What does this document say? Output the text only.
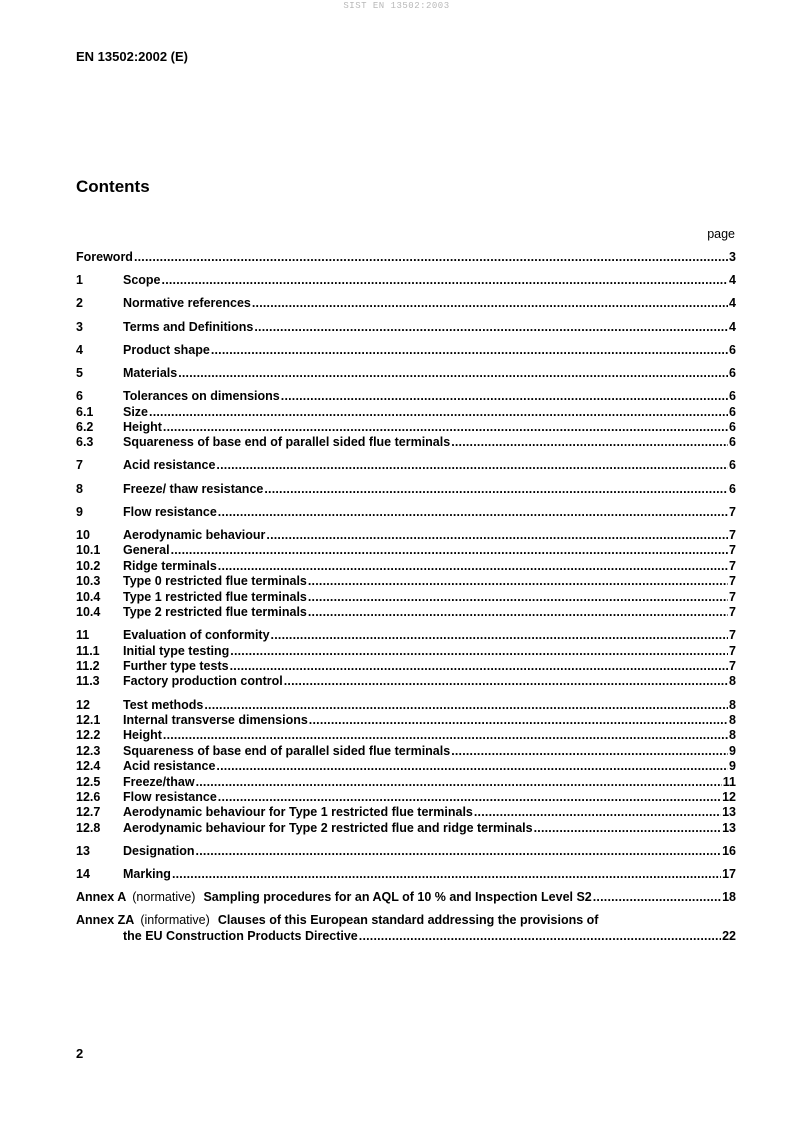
SIST EN 13502:2003
EN 13502:2002 (E)
Contents
page
Foreword .....	3
1	Scope .....	4
2	Normative references .....	4
3	Terms and Definitions .....	4
4	Product shape .....	6
5	Materials .....	6
6	Tolerances on dimensions .....	6
6.1	Size .....	6
6.2	Height .....	6
6.3	Squareness of base end of parallel sided flue terminals .....	6
7	Acid resistance .....	6
8	Freeze/ thaw resistance .....	6
9	Flow resistance .....	7
10	Aerodynamic behaviour .....	7
10.1	General .....	7
10.2	Ridge terminals .....	7
10.3	Type 0 restricted flue terminals .....	7
10.4	Type 1 restricted flue terminals .....	7
10.4	Type 2 restricted flue terminals .....	7
11	Evaluation of conformity .....	7
11.1	Initial type testing .....	7
11.2	Further type tests .....	7
11.3	Factory production control .....	8
12	Test methods .....	8
12.1	Internal transverse dimensions .....	8
12.2	Height .....	8
12.3	Squareness of base end of parallel sided flue terminals .....	9
12.4	Acid resistance .....	9
12.5	Freeze/thaw .....	11
12.6	Flow resistance .....	12
12.7	Aerodynamic behaviour for Type 1 restricted flue terminals .....	13
12.8	Aerodynamic behaviour for Type 2 restricted flue and ridge terminals .....	13
13	Designation .....	16
14	Marking .....	17
Annex A (normative) Sampling procedures for an AQL of 10 % and Inspection Level S2 .....	18
Annex ZA (informative) Clauses of this European standard addressing the provisions of
the EU Construction Products Directive .....	22
2
